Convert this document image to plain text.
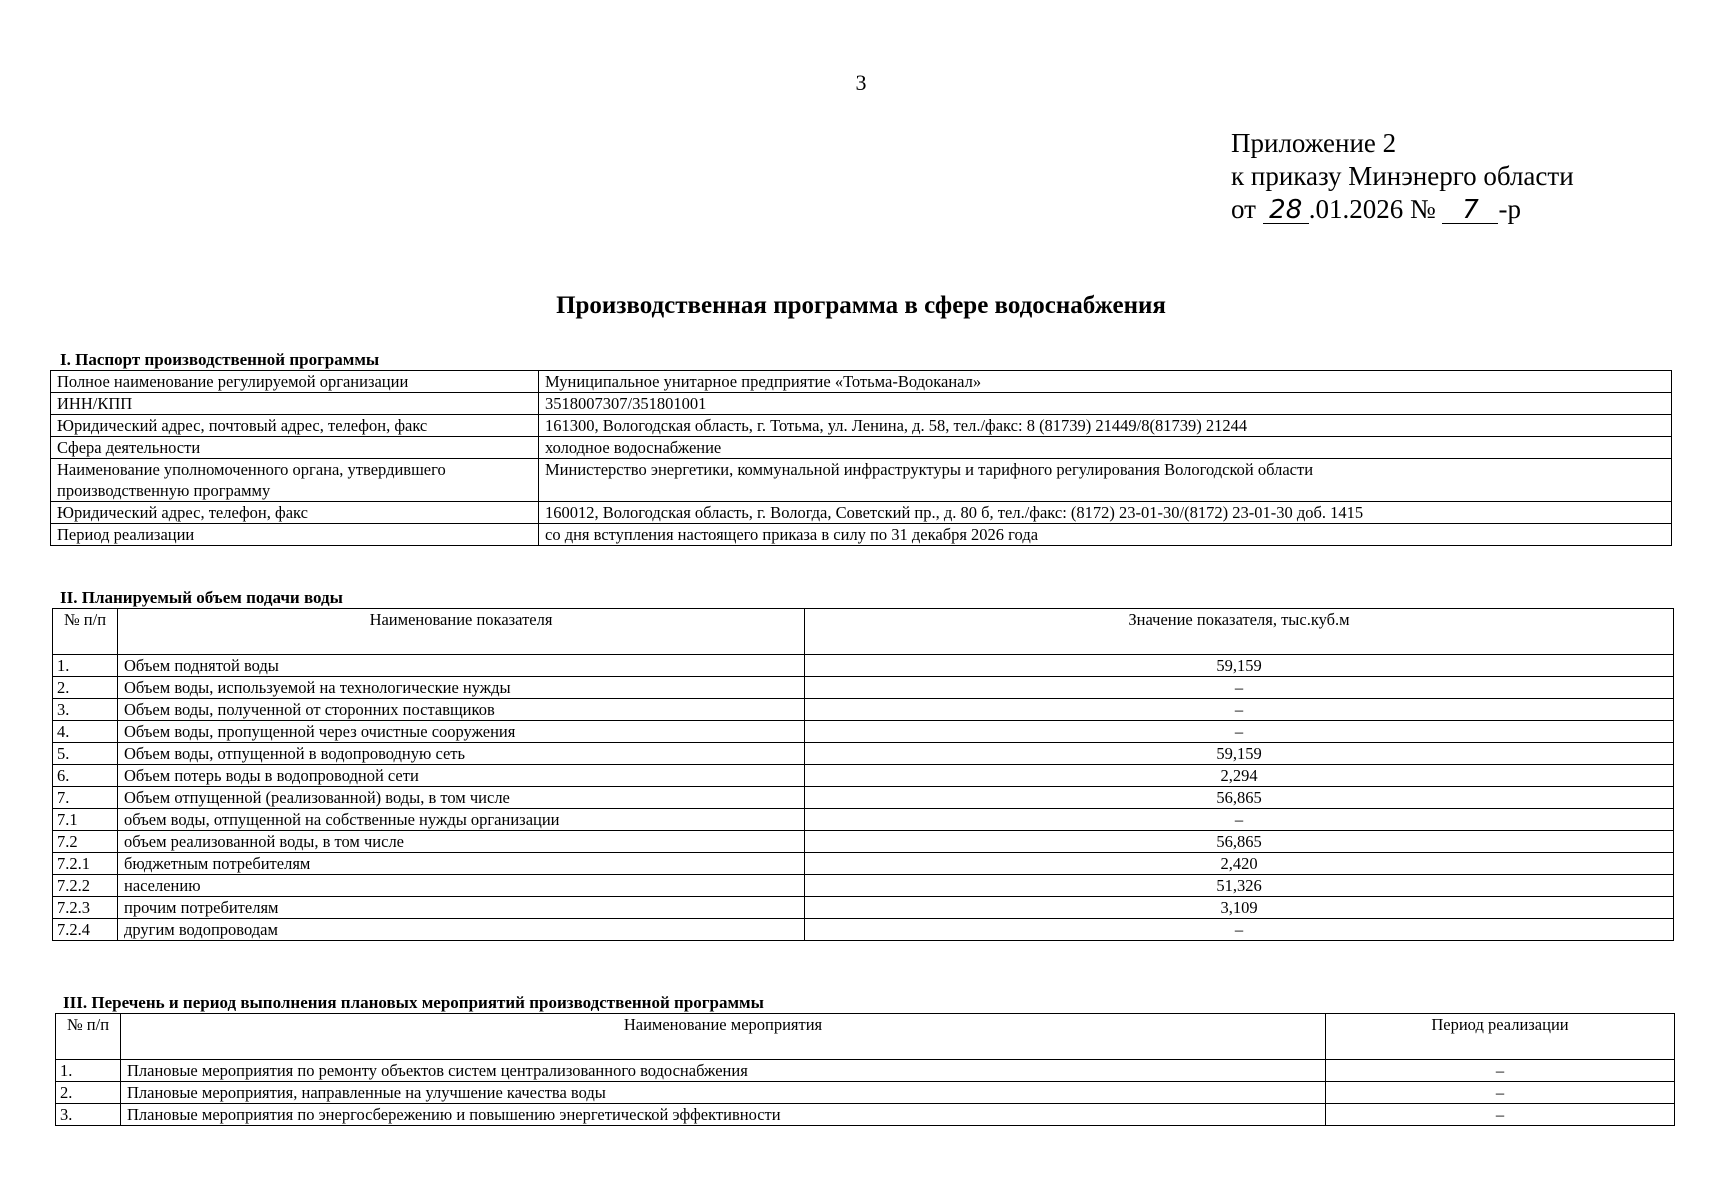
3
Приложение 2
к приказу Минэнерго области
от 28 .01.2026 № 7 -р
Производственная программа в сфере водоснабжения
I. Паспорт производственной программы
Полное наименование регулируемой организации	Муниципальное унитарное предприятие «Тотьма-Водоканал»
ИНН/КПП	3518007307/351801001
Юридический адрес, почтовый адрес, телефон, факс	161300, Вологодская область, г. Тотьма, ул. Ленина, д. 58, тел./факс: 8 (81739) 21449/8(81739) 21244
Сфера деятельности	холодное водоснабжение
Наименование уполномоченного органа, утвердившего производственную программу	Министерство энергетики, коммунальной инфраструктуры и тарифного регулирования Вологодской области
Юридический адрес, телефон, факс	160012, Вологодская область, г. Вологда, Советский пр., д. 80 б, тел./факс: (8172) 23-01-30/(8172) 23-01-30 доб. 1415
Период реализации	со дня вступления настоящего приказа в силу по 31 декабря 2026 года
II. Планируемый объем подачи воды
№ п/п	Наименование показателя	Значение показателя, тыс.куб.м
1.	Объем поднятой воды	59,159
2.	Объем воды, используемой на технологические нужды	–
3.	Объем воды, полученной от сторонних поставщиков	–
4.	Объем воды, пропущенной через очистные сооружения	–
5.	Объем воды, отпущенной в водопроводную сеть	59,159
6.	Объем потерь воды в водопроводной сети	2,294
7.	Объем отпущенной (реализованной) воды, в том числе	56,865
7.1	объем воды, отпущенной на собственные нужды организации	–
7.2	объем реализованной воды, в том числе	56,865
7.2.1	бюджетным потребителям	2,420
7.2.2	населению	51,326
7.2.3	прочим потребителям	3,109
7.2.4	другим водопроводам	–
III. Перечень и период выполнения плановых мероприятий производственной программы
№ п/п	Наименование мероприятия	Период реализации
1.	Плановые мероприятия по ремонту объектов систем централизованного водоснабжения	–
2.	Плановые мероприятия, направленные на улучшение качества воды	–
3.	Плановые мероприятия по энергосбережению и повышению энергетической эффективности	–
